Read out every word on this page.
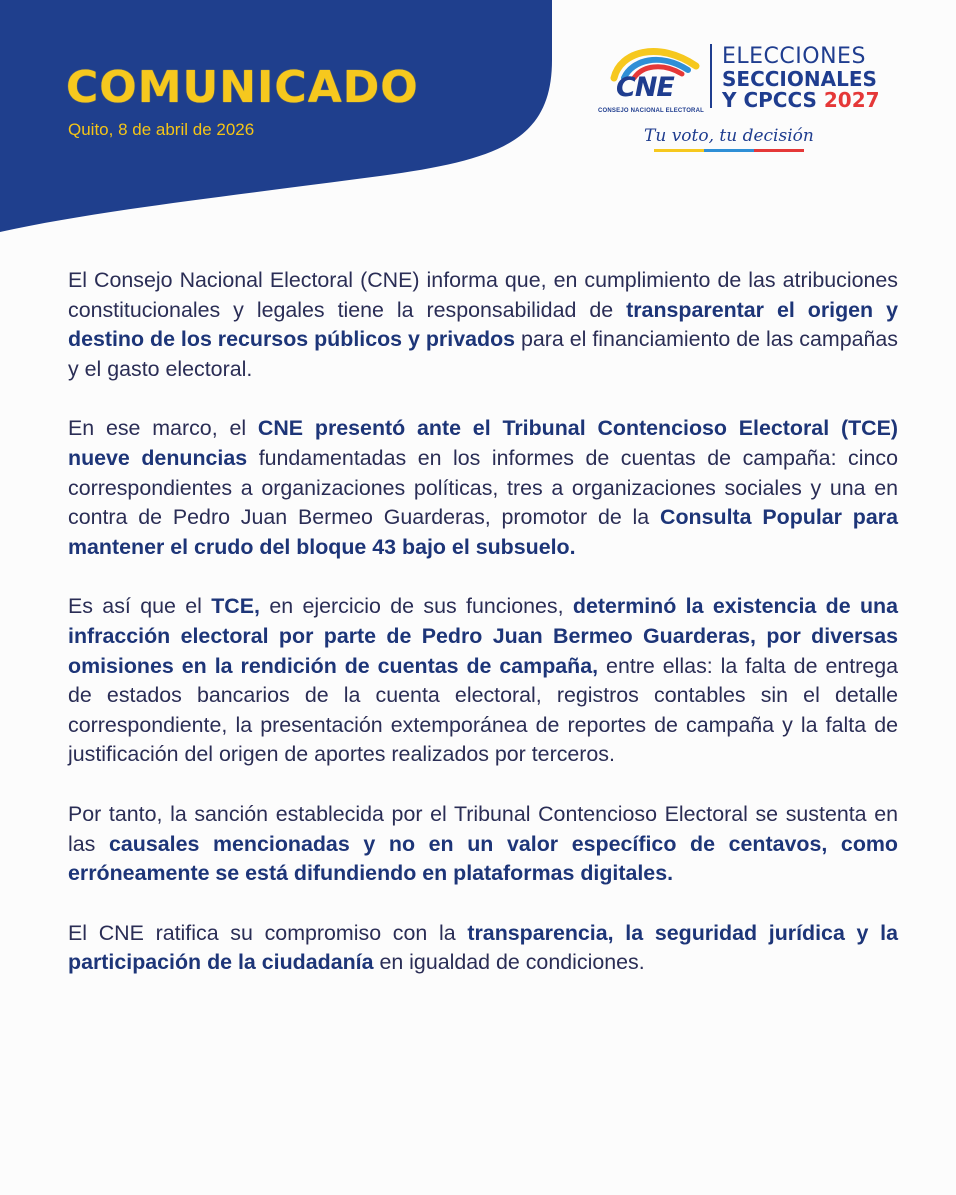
COMUNICADO
Quito, 8 de abril de 2026
CNE
CONSEJO NACIONAL ELECTORAL
ELECCIONES
SECCIONALES
Y CPCCS 2027
Tu voto, tu decisión

El Consejo Nacional Electoral (CNE) informa que, en cumplimiento de las atribuciones constitucionales y legales tiene la responsabilidad de transparentar el origen y destino de los recursos públicos y privados para el financiamiento de las campañas y el gasto electoral.

En ese marco, el CNE presentó ante el Tribunal Contencioso Electoral (TCE) nueve denuncias fundamentadas en los informes de cuentas de campaña: cinco correspondientes a organizaciones políticas, tres a organizaciones sociales y una en contra de Pedro Juan Bermeo Guarderas, promotor de la Consulta Popular para mantener el crudo del bloque 43 bajo el subsuelo.

Es así que el TCE, en ejercicio de sus funciones, determinó la existencia de una infracción electoral por parte de Pedro Juan Bermeo Guarderas, por diversas omisiones en la rendición de cuentas de campaña, entre ellas: la falta de entrega de estados bancarios de la cuenta electoral, registros contables sin el detalle correspondiente, la presentación extemporánea de reportes de campaña y la falta de justificación del origen de aportes realizados por terceros.

Por tanto, la sanción establecida por el Tribunal Contencioso Electoral se sustenta en las causales mencionadas y no en un valor específico de centavos, como erróneamente se está difundiendo en plataformas digitales.

El CNE ratifica su compromiso con la transparencia, la seguridad jurídica y la participación de la ciudadanía en igualdad de condiciones.
